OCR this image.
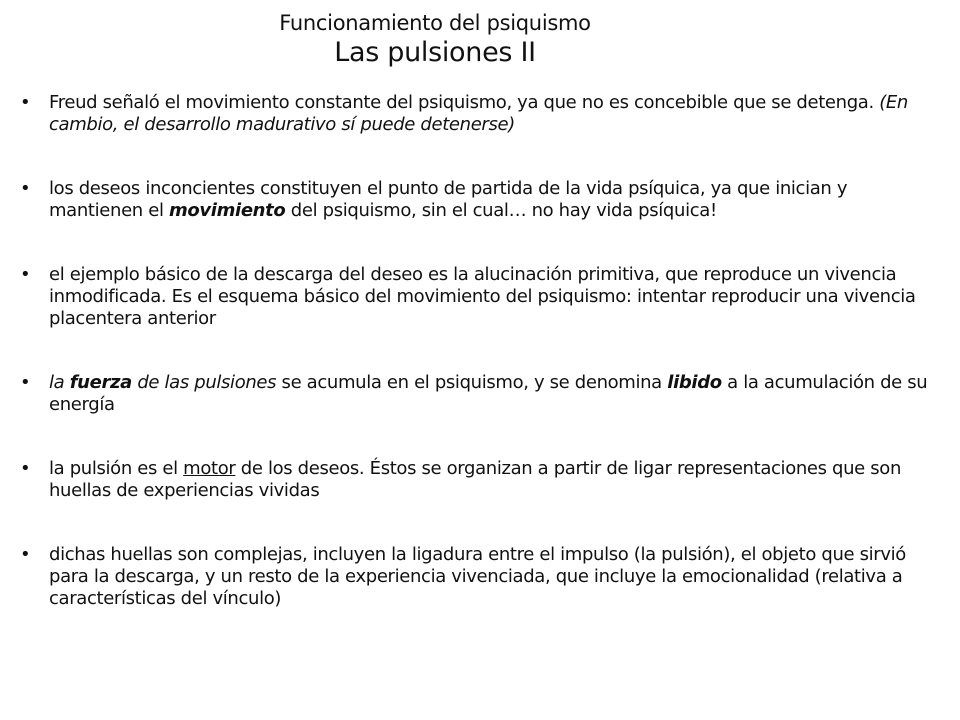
Funcionamiento del psiquismo
Las pulsiones II
• Freud señaló el movimiento constante del psiquismo, ya que no es concebible que se detenga. (En cambio, el desarrollo madurativo sí puede detenerse)
• los deseos inconcientes constituyen el punto de partida de la vida psíquica, ya que inician y mantienen el movimiento del psiquismo, sin el cual… no hay vida psíquica!
• el ejemplo básico de la descarga del deseo es la alucinación primitiva, que reproduce un vivencia inmodificada. Es el esquema básico del movimiento del psiquismo: intentar reproducir una vivencia placentera anterior
• la fuerza de las pulsiones se acumula en el psiquismo, y se denomina libido a la acumulación de su energía
• la pulsión es el motor de los deseos. Éstos se organizan a partir de ligar representaciones que son huellas de experiencias vividas
• dichas huellas son complejas, incluyen la ligadura entre el impulso (la pulsión), el objeto que sirvió para la descarga, y un resto de la experiencia vivenciada, que incluye la emocionalidad (relativa a características del vínculo)
